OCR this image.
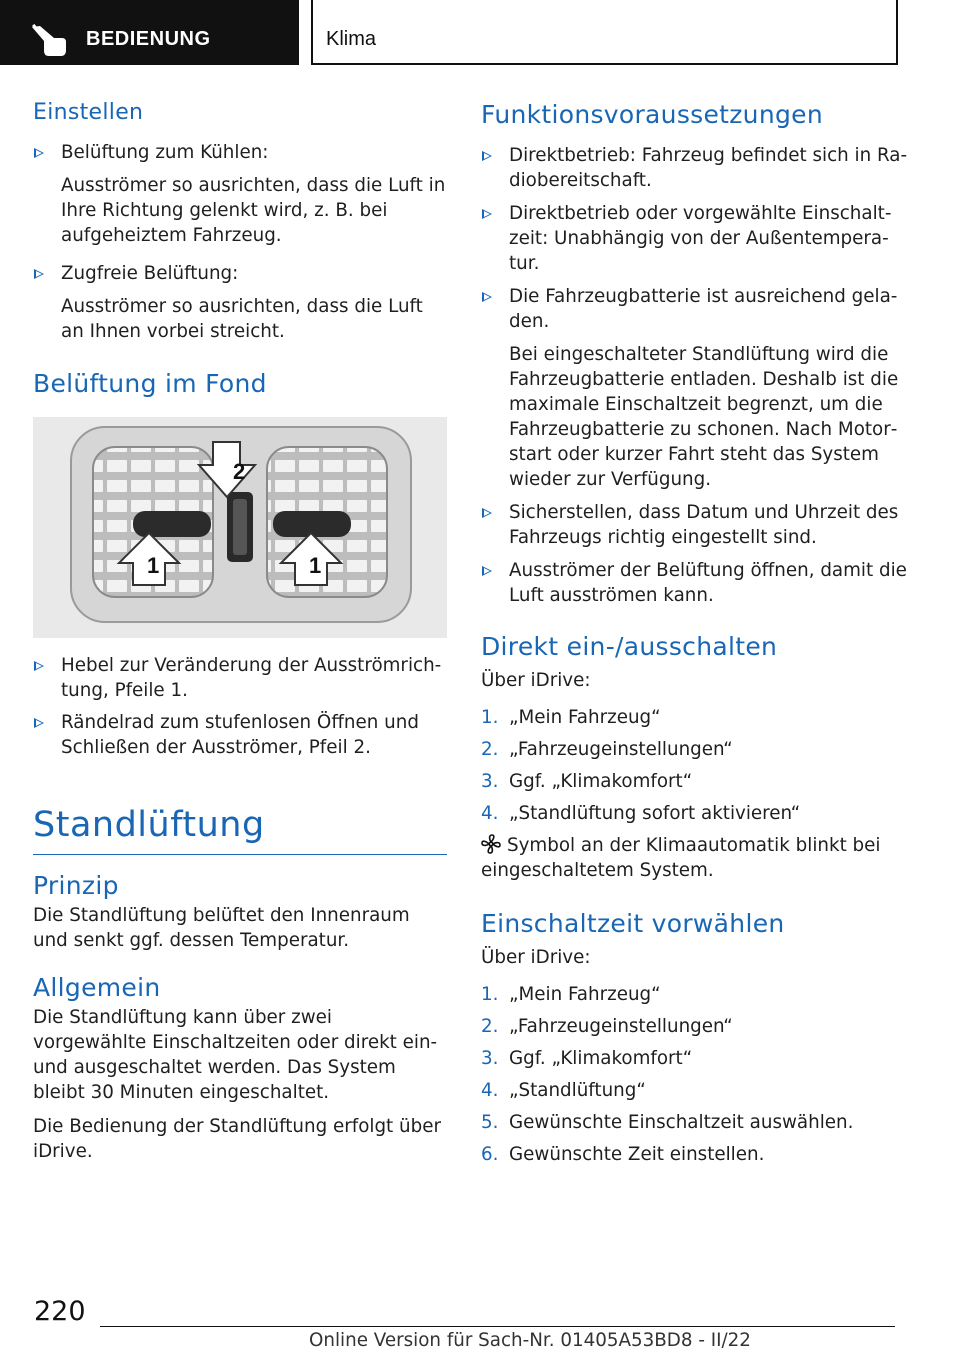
BEDIENUNG	Klima
Einstellen
Belüftung zum Kühlen:
Ausströmer so ausrichten, dass die Luft in Ihre Richtung gelenkt wird, z. B. bei aufgeheiztem Fahrzeug.
Zugfreie Belüftung:
Ausströmer so ausrichten, dass die Luft an Ihnen vorbei streicht.
Belüftung im Fond
2
1	1
Hebel zur Veränderung der Ausströmrichtung, Pfeile 1.
Rändelrad zum stufenlosen Öffnen und Schließen der Ausströmer, Pfeil 2.
Standlüftung
Prinzip

Die Standlüftung belüftet den Innenraum und senkt ggf. dessen Temperatur.

Allgemein

Die Standlüftung kann über zwei vorgewählte Einschaltzeiten oder direkt ein- und ausgeschaltet werden. Das System bleibt 30 Minuten eingeschaltet.

Die Bedienung der Standlüftung erfolgt über iDrive.

Funktionsvoraussetzungen
Direktbetrieb: Fahrzeug befindet sich in Radiobereitschaft.
Direktbetrieb oder vorgewählte Einschaltzeit: Unabhängig von der Außentemperatur.
Die Fahrzeugbatterie ist ausreichend geladen.
Bei eingeschalteter Standlüftung wird die Fahrzeugbatterie entladen. Deshalb ist die maximale Einschaltzeit begrenzt, um die Fahrzeugbatterie zu schonen. Nach Motorstart oder kurzer Fahrt steht das System wieder zur Verfügung.
Sicherstellen, dass Datum und Uhrzeit des Fahrzeugs richtig eingestellt sind.
Ausströmer der Belüftung öffnen, damit die Luft ausströmen kann.
Direkt ein-/ausschalten

Über iDrive:

1. „Mein Fahrzeug“
2. „Fahrzeugeinstellungen“
3. Ggf. „Klimakomfort“
4. „Standlüftung sofort aktivieren“

Symbol an der Klimaautomatik blinkt bei eingeschaltetem System.

Einschaltzeit vorwählen

Über iDrive:

1. „Mein Fahrzeug“
2. „Fahrzeugeinstellungen“
3. Ggf. „Klimakomfort“
4. „Standlüftung“
5. Gewünschte Einschaltzeit auswählen.
6. Gewünschte Zeit einstellen.
220
Online Version für Sach-Nr. 01405A53BD8 - II/22
